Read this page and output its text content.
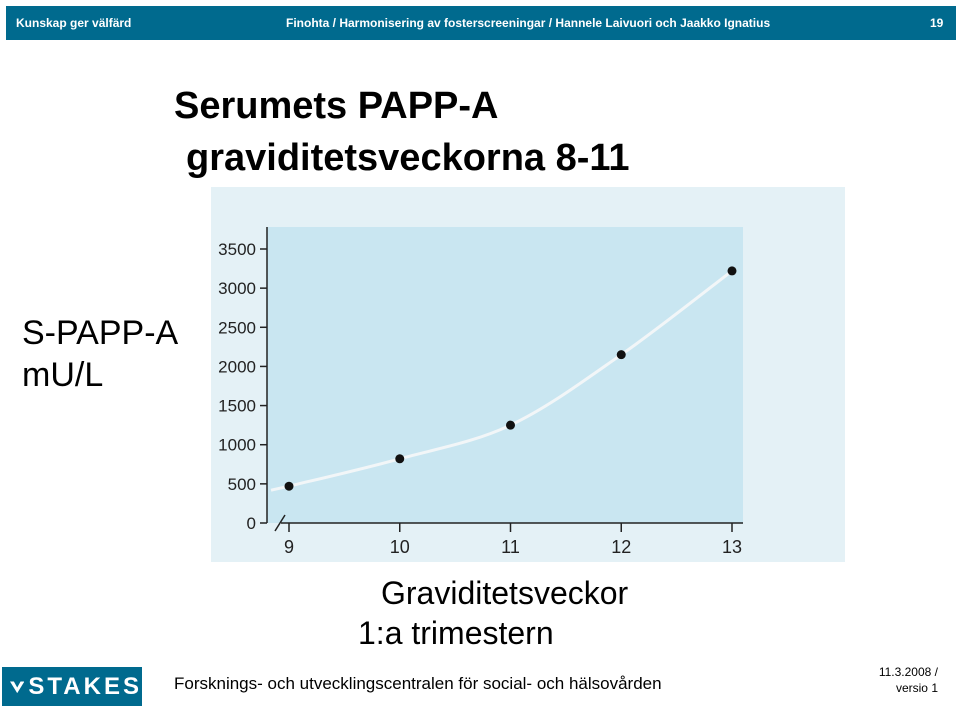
Kunskap ger välfärd	Finohta / Harmonisering av fosterscreeningar / Hannele Laivuori och Jaakko Ignatius	19
Serumets PAPP-A
graviditetsveckorna 8-11
S-PAPP-A
mU/L
0
500
1000
1500
2000
2500
3000
3500
9	10	11	12	13
Graviditetsveckor
1:a trimestern
STAKES Forsknings- och utvecklingscentralen för social- och hälsovården
11.3.2008 /
versio 1
